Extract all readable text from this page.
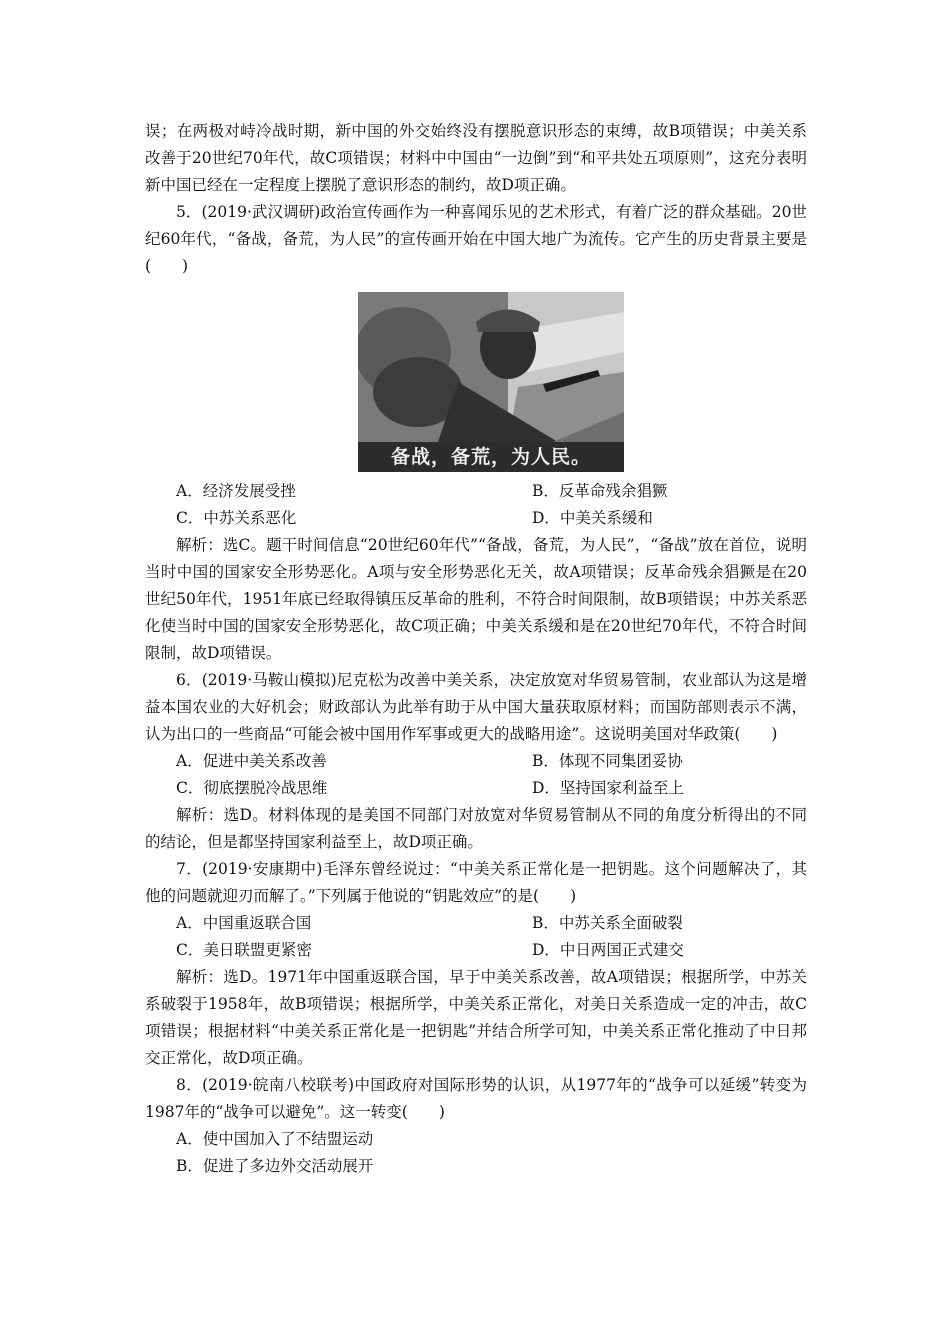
误；在两极对峙冷战时期，新中国的外交始终没有摆脱意识形态的束缚，故B项错误；中美关系改善于20世纪70年代，故C项错误；材料中中国由“一边倒”到“和平共处五项原则”，这充分表明新中国已经在一定程度上摆脱了意识形态的制约，故D项正确。

5．(2019·武汉调研)政治宣传画作为一种喜闻乐见的艺术形式，有着广泛的群众基础。20世纪60年代，“备战，备荒，为人民”的宣传画开始在中国大地广为流传。它产生的历史背景主要是(　　)

备战，备荒，为人民。
A．经济发展受挫	B．反革命残余猖獗
C．中苏关系恶化	D．中美关系缓和

解析：选C。题干时间信息“20世纪60年代”“备战，备荒，为人民”，“备战”放在首位，说明当时中国的国家安全形势恶化。A项与安全形势恶化无关，故A项错误；反革命残余猖獗是在20世纪50年代，1951年底已经取得镇压反革命的胜利，不符合时间限制，故B项错误；中苏关系恶化使当时中国的国家安全形势恶化，故C项正确；中美关系缓和是在20世纪70年代，不符合时间限制，故D项错误。

6．(2019·马鞍山模拟)尼克松为改善中美关系，决定放宽对华贸易管制，农业部认为这是增益本国农业的大好机会；财政部认为此举有助于从中国大量获取原材料；而国防部则表示不满，认为出口的一些商品“可能会被中国用作军事或更大的战略用途”。这说明美国对华政策(　　)

A．促进中美关系改善	B．体现不同集团妥协
C．彻底摆脱冷战思维	D．坚持国家利益至上

解析：选D。材料体现的是美国不同部门对放宽对华贸易管制从不同的角度分析得出的不同的结论，但是都坚持国家利益至上，故D项正确。

7．(2019·安康期中)毛泽东曾经说过：“中美关系正常化是一把钥匙。这个问题解决了，其他的问题就迎刃而解了。”下列属于他说的“钥匙效应”的是(　　)

A．中国重返联合国	B．中苏关系全面破裂
C．美日联盟更紧密	D．中日两国正式建交

解析：选D。1971年中国重返联合国，早于中美关系改善，故A项错误；根据所学，中苏关系破裂于1958年，故B项错误；根据所学，中美关系正常化，对美日关系造成一定的冲击，故C项错误；根据材料“中美关系正常化是一把钥匙”并结合所学可知，中美关系正常化推动了中日邦交正常化，故D项正确。

8．(2019·皖南八校联考)中国政府对国际形势的认识，从1977年的“战争可以延缓”转变为1987年的“战争可以避免”。这一转变(　　)

A．使中国加入了不结盟运动
B．促进了多边外交活动展开
